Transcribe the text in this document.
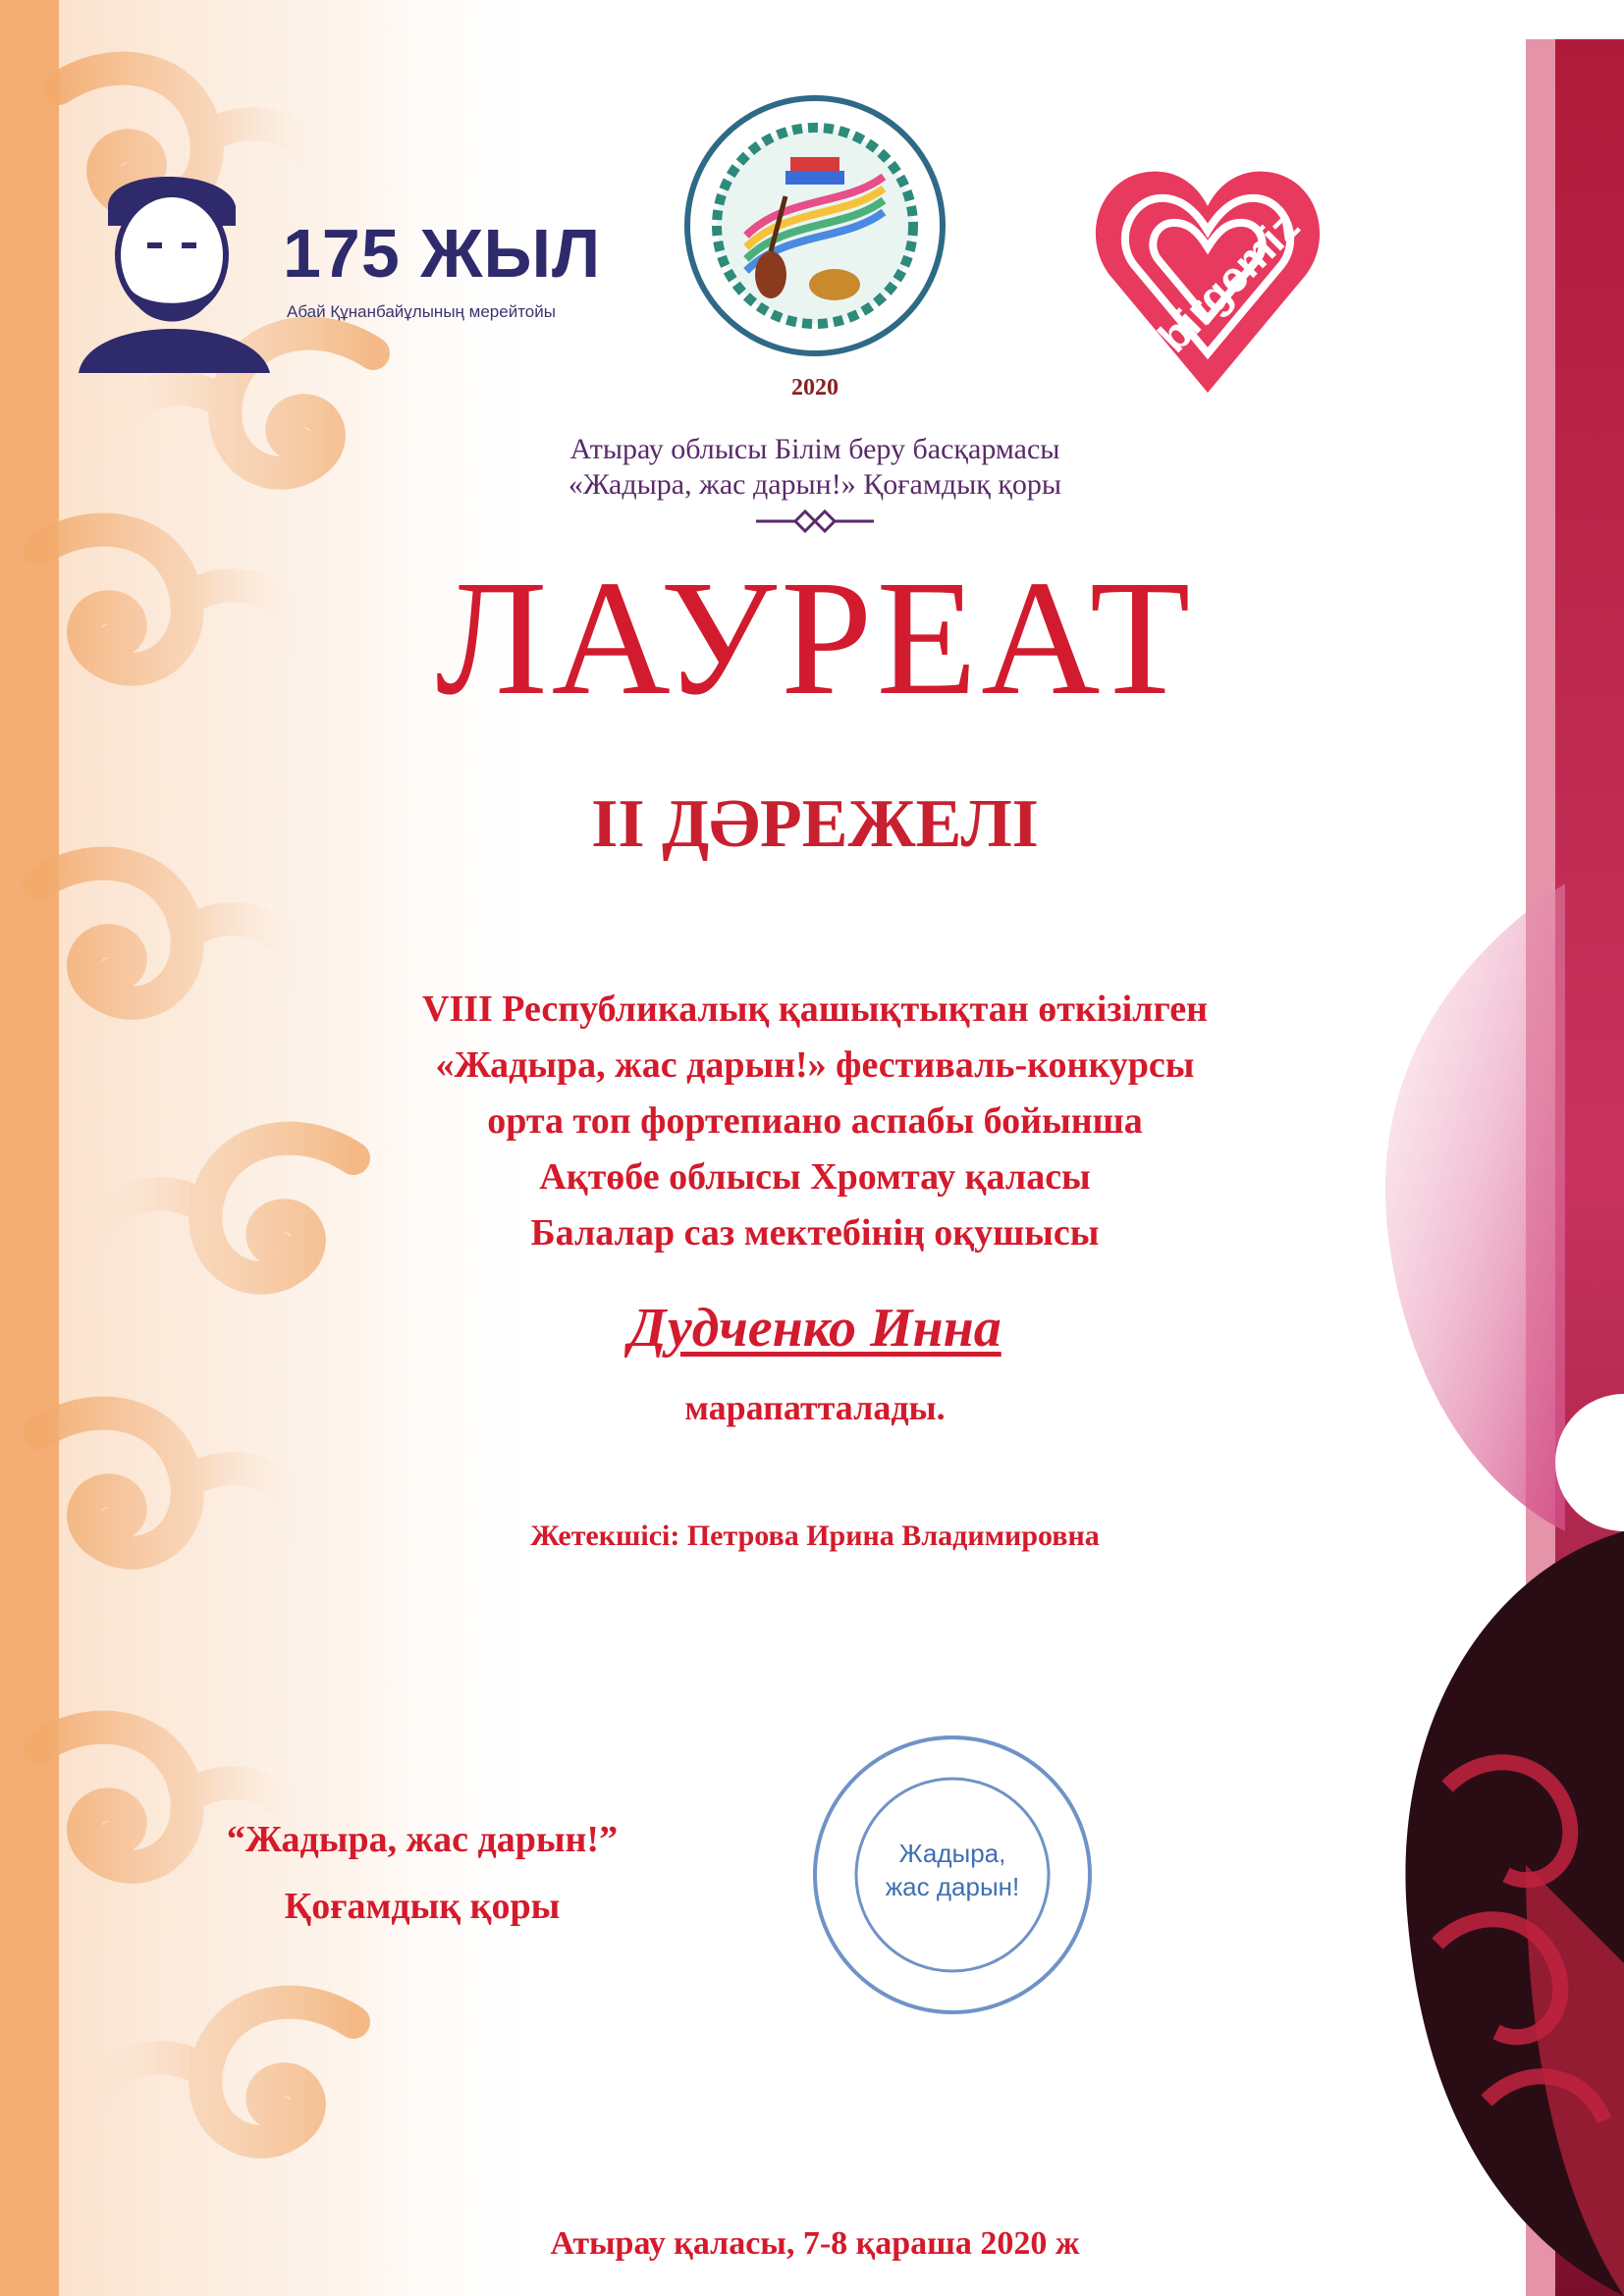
175 ЖЫЛ
Абай Құнанбайұлының мерейтойы
2020
birgemiz
Атырау облысы Білім беру басқармасы
«Жадыра, жас дарын!» Қоғамдық қоры
ЛАУРЕАТ
ІІ ДӘРЕЖЕЛІ
VIII Республикалық қашықтықтан өткізілген
«Жадыра, жас дарын!» фестиваль-конкурсы
орта топ фортепиано аспабы бойынша
Ақтөбе облысы Хромтау қаласы
Балалар саз мектебінің оқушысы
Дудченко Инна
марапатталады.
Жетекшісі: Петрова Ирина Владимировна
“Жадыра, жас дарын!”
Қоғамдық қоры
Жадыра,
жас дарын!
Атырау қаласы, 7-8 қараша 2020 ж
